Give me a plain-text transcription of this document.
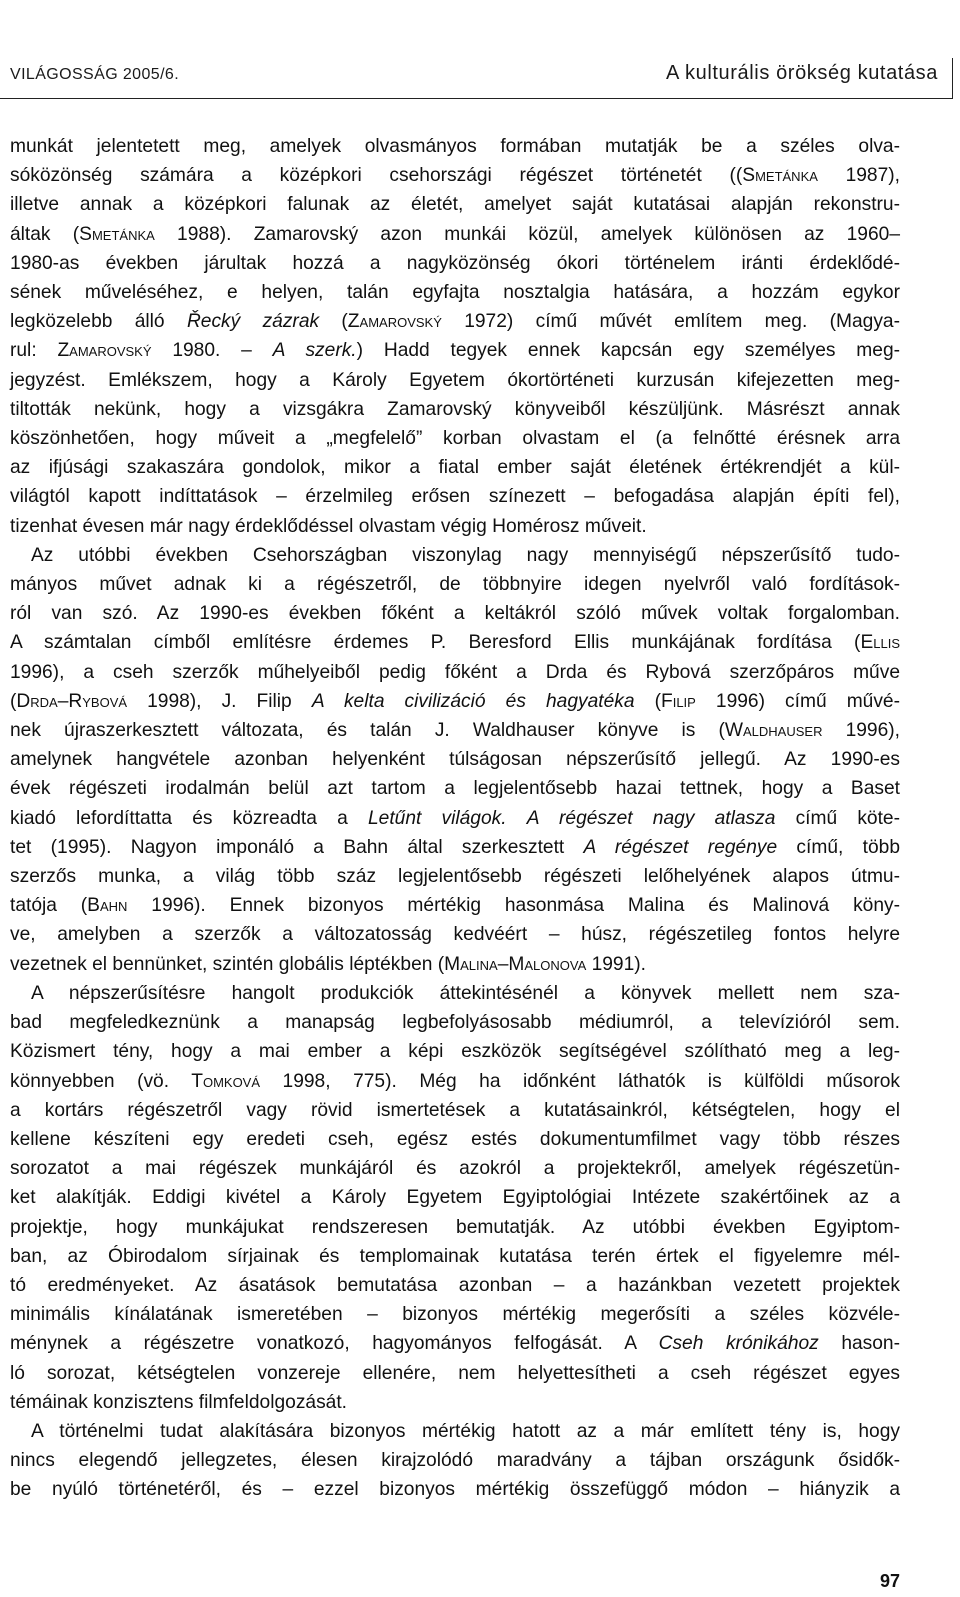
VILÁGOSSÁG 2005/6.	A kulturális örökség kutatása
munkát jelentetett meg, amelyek olvasmányos formában mutatják be a széles olva-
sóközönség számára a középkori csehországi régészet történetét ((Smetánka 1987),
illetve annak a középkori falunak az életét, amelyet saját kutatásai alapján rekonstru-
áltak (Smetánka 1988). Zamarovský azon munkái közül, amelyek különösen az 1960–
1980-as években járultak hozzá a nagyközönség ókori történelem iránti érdeklődé-
sének műveléséhez, e helyen, talán egyfajta nosztalgia hatására, a hozzám egykor
legközelebb álló Řecký zázrak (Zamarovský 1972) című művét említem meg. (Magya-
rul: Zamarovský 1980. – A szerk.) Hadd tegyek ennek kapcsán egy személyes meg-
jegyzést. Emlékszem, hogy a Károly Egyetem ókortörténeti kurzusán kifejezetten meg-
tiltották nekünk, hogy a vizsgákra Zamarovský könyveiből készüljünk. Másrészt annak
köszönhetően, hogy műveit a „megfelelő” korban olvastam el (a felnőtté érésnek arra
az ifjúsági szakaszára gondolok, mikor a fiatal ember saját életének értékrendjét a kül-
világtól kapott indíttatások – érzelmileg erősen színezett – befogadása alapján építi fel),
tizenhat évesen már nagy érdeklődéssel olvastam végig Homérosz műveit.
Az utóbbi években Csehországban viszonylag nagy mennyiségű népszerűsítő tudo-
mányos művet adnak ki a régészetről, de többnyire idegen nyelvről való fordítások-
ról van szó. Az 1990-es években főként a keltákról szóló művek voltak forgalomban.
A számtalan címből említésre érdemes P. Beresford Ellis munkájának fordítása (Ellis
1996), a cseh szerzők műhelyeiből pedig főként a Drda és Rybová szerzőpáros műve
(Drda–Rybová 1998), J. Filip A kelta civilizáció és hagyatéka (Filip 1996) című művé-
nek újraszerkesztett változata, és talán J. Waldhauser könyve is (Waldhauser 1996),
amelynek hangvétele azonban helyenként túlságosan népszerűsítő jellegű. Az 1990-es
évek régészeti irodalmán belül azt tartom a legjelentősebb hazai tettnek, hogy a Baset
kiadó lefordíttatta és közreadta a Letűnt világok. A régészet nagy atlasza című köte-
tet (1995). Nagyon imponáló a Bahn által szerkesztett A régészet regénye című, több
szerzős munka, a világ több száz legjelentősebb régészeti lelőhelyének alapos útmu-
tatója (Bahn 1996). Ennek bizonyos mértékig hasonmása Malina és Malinová köny-
ve, amelyben a szerzők a változatosság kedvéért – húsz, régészetileg fontos helyre
vezetnek el bennünket, szintén globális léptékben (Malina–Malonova 1991).
A népszerűsítésre hangolt produkciók áttekintésénél a könyvek mellett nem sza-
bad megfeledkeznünk a manapság legbefolyásosabb médiumról, a televízióról sem.
Közismert tény, hogy a mai ember a képi eszközök segítségével szólítható meg a leg-
könnyebben (vö. Tomková 1998, 775). Még ha időnként láthatók is külföldi műsorok
a kortárs régészetről vagy rövid ismertetések a kutatásainkról, kétségtelen, hogy el
kellene készíteni egy eredeti cseh, egész estés dokumentumfilmet vagy több részes
sorozatot a mai régészek munkájáról és azokról a projektekről, amelyek régészetün-
ket alakítják. Eddigi kivétel a Károly Egyetem Egyiptológiai Intézete szakértőinek az a
projektje, hogy munkájukat rendszeresen bemutatják. Az utóbbi években Egyiptom-
ban, az Óbirodalom sírjainak és templomainak kutatása terén értek el figyelemre mél-
tó eredményeket. Az ásatások bemutatása azonban – a hazánkban vezetett projektek
minimális kínálatának ismeretében – bizonyos mértékig megerősíti a széles közvéle-
ménynek a régészetre vonatkozó, hagyományos felfogását. A Cseh krónikához hason-
ló sorozat, kétségtelen vonzereje ellenére, nem helyettesítheti a cseh régészet egyes
témáinak konzisztens filmfeldolgozását.
A történelmi tudat alakítására bizonyos mértékig hatott az a már említett tény is, hogy
nincs elegendő jellegzetes, élesen kirajzolódó maradvány a tájban országunk ősidők-
be nyúló történetéről, és – ezzel bizonyos mértékig összefüggő módon – hiányzik a
97
